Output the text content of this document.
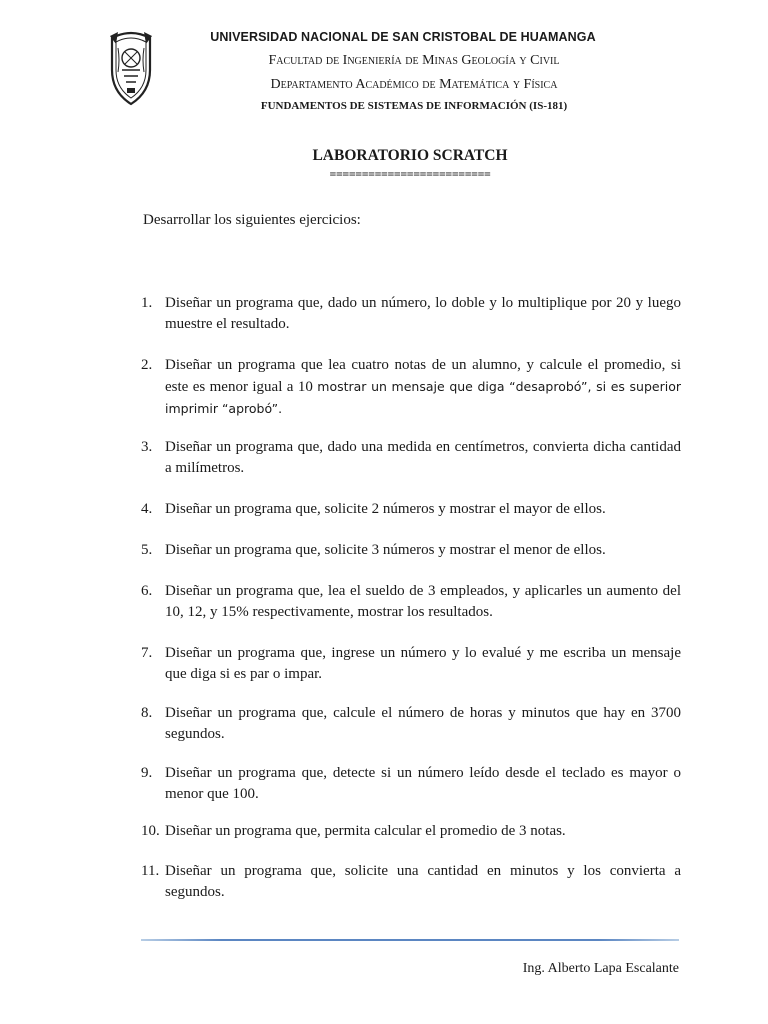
UNIVERSIDAD NACIONAL DE SAN CRISTOBAL DE HUAMANGA
Facultad de Ingeniería de Minas Geología y Civil
Departamento Académico de Matemática y Física
FUNDAMENTOS DE SISTEMAS DE INFORMACIÓN (IS-181)
LABORATORIO SCRATCH
=========================
Desarrollar los siguientes ejercicios:
1. Diseñar un programa que, dado un número, lo doble y lo multiplique por 20 y luego muestre el resultado.
2. Diseñar un programa que lea cuatro notas de un alumno, y calcule el promedio, si este es menor igual a 10 mostrar un mensaje que diga “desaprobó”, si es superior imprimir “aprobó”.
3. Diseñar un programa que, dado una medida en centímetros, convierta dicha cantidad a milímetros.
4. Diseñar un programa que, solicite 2 números y mostrar el mayor de ellos.
5. Diseñar un programa que, solicite 3 números y mostrar el menor de ellos.
6. Diseñar un programa que, lea el sueldo de 3 empleados, y aplicarles un aumento del 10, 12, y 15% respectivamente, mostrar los resultados.
7. Diseñar un programa que, ingrese un número y lo evalué y me escriba un mensaje que diga si es par o impar.
8. Diseñar un programa que, calcule el número de horas y minutos que hay en 3700 segundos.
9. Diseñar un programa que, detecte si un número leído desde el teclado es mayor o menor que 100.
10. Diseñar un programa que, permita calcular el promedio de 3 notas.
11. Diseñar un programa que, solicite una cantidad en minutos y los convierta a segundos.
Ing. Alberto Lapa Escalante
